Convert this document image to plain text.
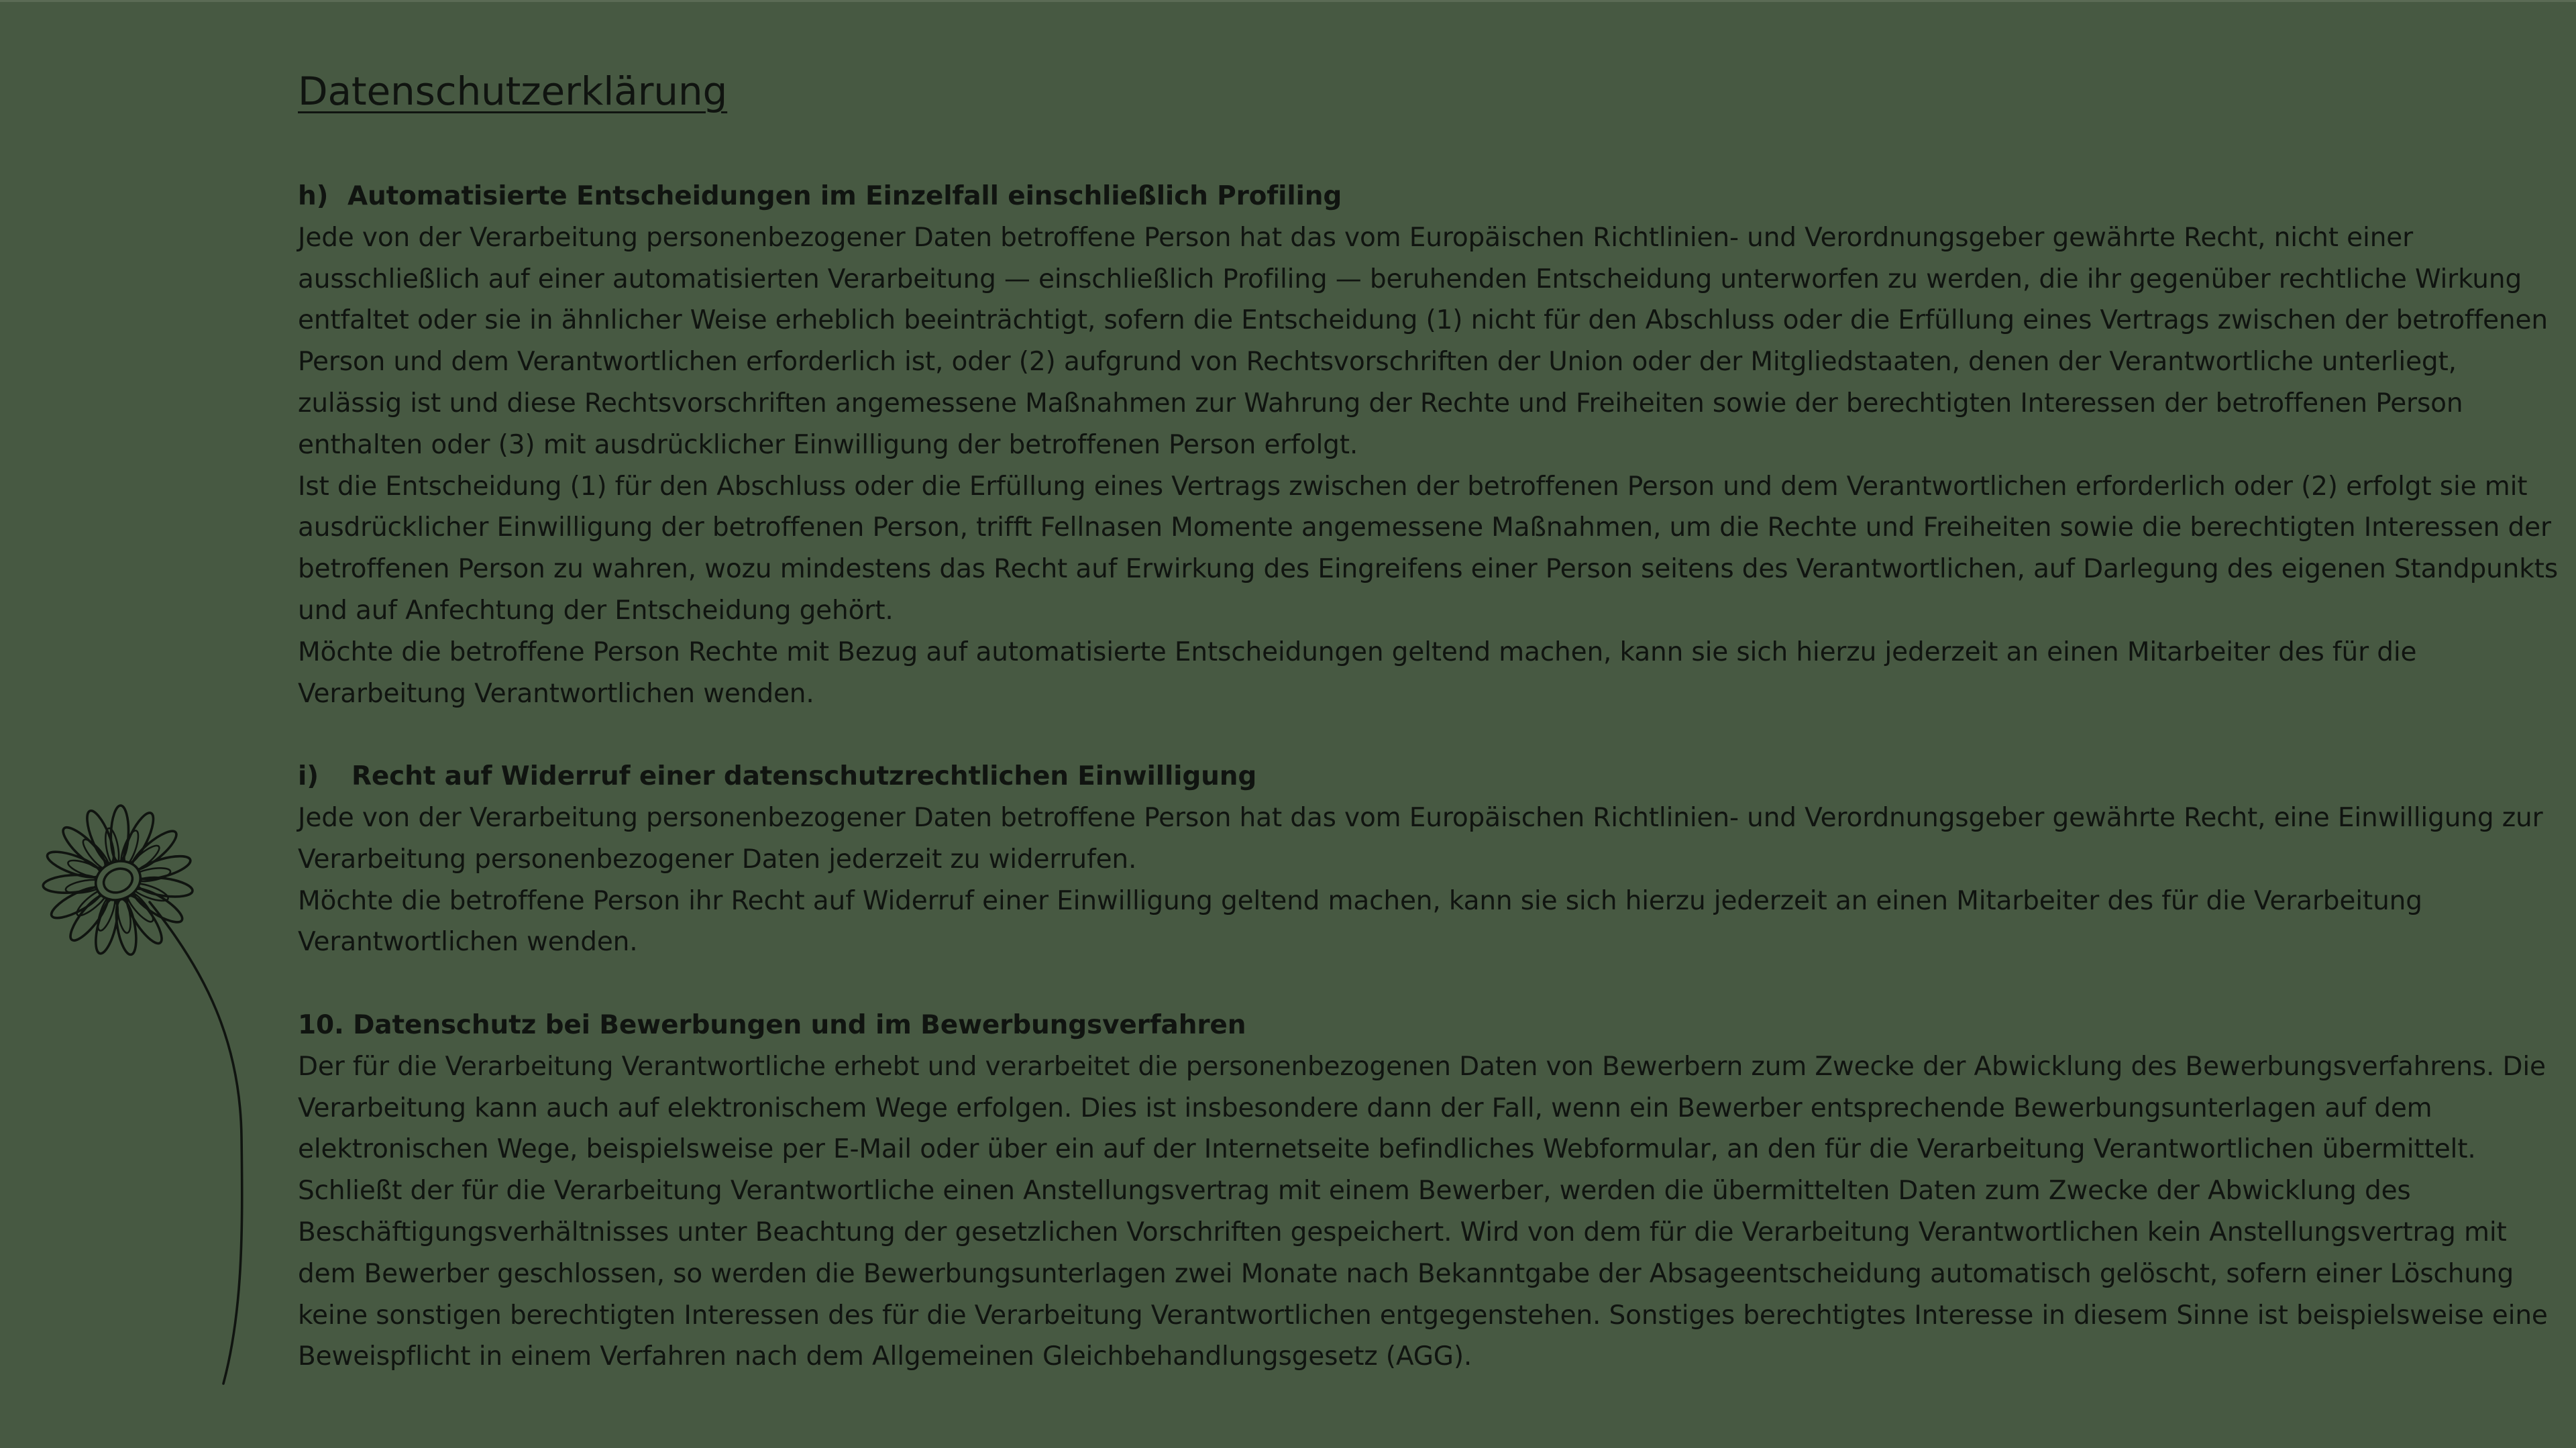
Datenschutzerklärung
h) Automatisierte Entscheidungen im Einzelfall einschließlich Profiling

Jede von der Verarbeitung personenbezogener Daten betroffene Person hat das vom Europäischen Richtlinien- und Verordnungsgeber gewährte Recht, nicht einer ausschließlich auf einer automatisierten Verarbeitung — einschließlich Profiling — beruhenden Entscheidung unterworfen zu werden, die ihr gegenüber rechtliche Wirkung entfaltet oder sie in ähnlicher Weise erheblich beeinträchtigt, sofern die Entscheidung (1) nicht für den Abschluss oder die Erfüllung eines Vertrags zwischen der betroffenen Person und dem Verantwortlichen erforderlich ist, oder (2) aufgrund von Rechtsvorschriften der Union oder der Mitgliedstaaten, denen der Verantwortliche unterliegt, zulässig ist und diese Rechtsvorschriften angemessene Maßnahmen zur Wahrung der Rechte und Freiheiten sowie der berechtigten Interessen der betroffenen Person enthalten oder (3) mit ausdrücklicher Einwilligung der betroffenen Person erfolgt.

Ist die Entscheidung (1) für den Abschluss oder die Erfüllung eines Vertrags zwischen der betroffenen Person und dem Verantwortlichen erforderlich oder (2) erfolgt sie mit ausdrücklicher Einwilligung der betroffenen Person, trifft Fellnasen Momente angemessene Maßnahmen, um die Rechte und Freiheiten sowie die berechtigten Interessen der betroffenen Person zu wahren, wozu mindestens das Recht auf Erwirkung des Eingreifens einer Person seitens des Verantwortlichen, auf Darlegung des eigenen Standpunkts und auf Anfechtung der Entscheidung gehört.

Möchte die betroffene Person Rechte mit Bezug auf automatisierte Entscheidungen geltend machen, kann sie sich hierzu jederzeit an einen Mitarbeiter des für die Verarbeitung Verantwortlichen wenden.

i) Recht auf Widerruf einer datenschutzrechtlichen Einwilligung

Jede von der Verarbeitung personenbezogener Daten betroffene Person hat das vom Europäischen Richtlinien- und Verordnungsgeber gewährte Recht, eine Einwilligung zur Verarbeitung personenbezogener Daten jederzeit zu widerrufen.

Möchte die betroffene Person ihr Recht auf Widerruf einer Einwilligung geltend machen, kann sie sich hierzu jederzeit an einen Mitarbeiter des für die Verarbeitung Verantwortlichen wenden.

10. Datenschutz bei Bewerbungen und im Bewerbungsverfahren

Der für die Verarbeitung Verantwortliche erhebt und verarbeitet die personenbezogenen Daten von Bewerbern zum Zwecke der Abwicklung des Bewerbungsverfahrens. Die Verarbeitung kann auch auf elektronischem Wege erfolgen. Dies ist insbesondere dann der Fall, wenn ein Bewerber entsprechende Bewerbungsunterlagen auf dem elektronischen Wege, beispielsweise per E-Mail oder über ein auf der Internetseite befindliches Webformular, an den für die Verarbeitung Verantwortlichen übermittelt. Schließt der für die Verarbeitung Verantwortliche einen Anstellungsvertrag mit einem Bewerber, werden die übermittelten Daten zum Zwecke der Abwicklung des Beschäftigungsverhältnisses unter Beachtung der gesetzlichen Vorschriften gespeichert. Wird von dem für die Verarbeitung Verantwortlichen kein Anstellungsvertrag mit dem Bewerber geschlossen, so werden die Bewerbungsunterlagen zwei Monate nach Bekanntgabe der Absageentscheidung automatisch gelöscht, sofern einer Löschung keine sonstigen berechtigten Interessen des für die Verarbeitung Verantwortlichen entgegenstehen. Sonstiges berechtigtes Interesse in diesem Sinne ist beispielsweise eine Beweispflicht in einem Verfahren nach dem Allgemeinen Gleichbehandlungsgesetz (AGG).
